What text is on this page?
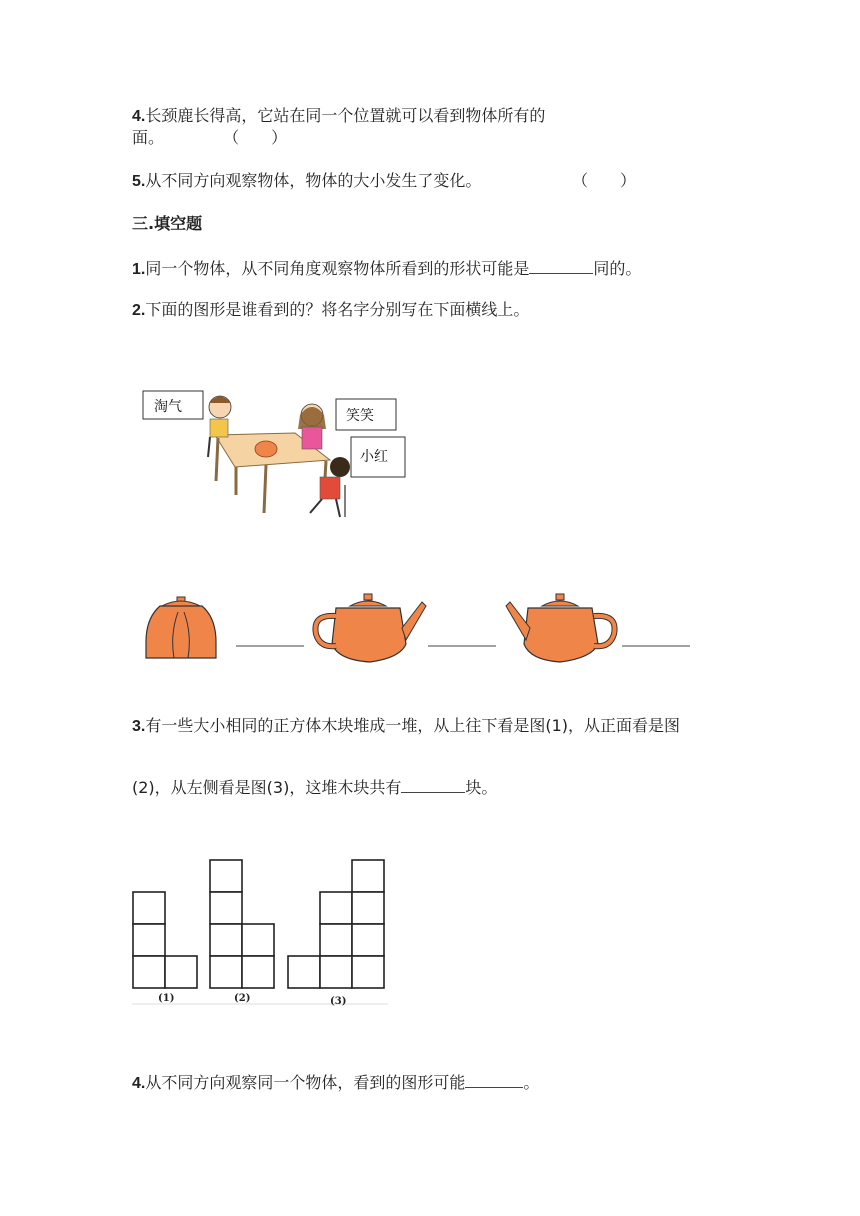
4.长颈鹿长得高，它站在同一个位置就可以看到物体所有的
面。	（　　）
5.从不同方向观察物体，物体的大小发生了变化。	（　　）
三.填空题
1.同一个物体，从不同角度观察物体所看到的形状可能是	同的。
2.下面的图形是谁看到的？将名字分别写在下面横线上。
淘气
笑笑
小红
3.有一些大小相同的正方体木块堆成一堆，从上往下看是图(1)，从正面看是图
(2)，从左侧看是图(3)，这堆木块共有	块。
(1)	(2)	(3)
4.从不同方向观察同一个物体，看到的图形可能	。
